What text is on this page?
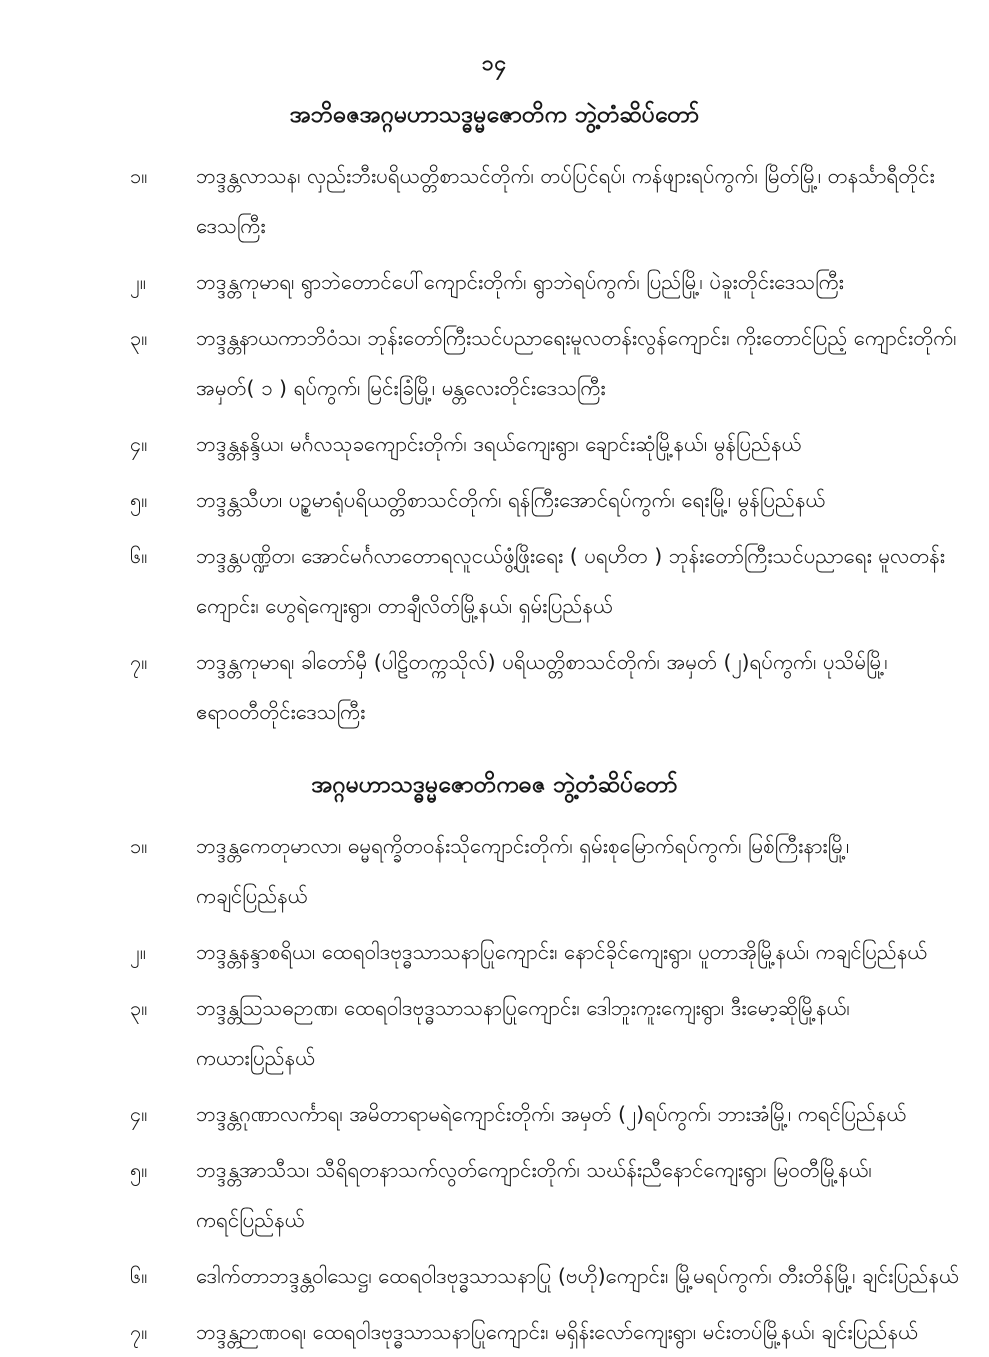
၁၄
အဘိဓဇအဂ္ဂမဟာသဒ္ဓမ္မဇောတိက ဘွဲ့တံဆိပ်တော်
၁။	ဘဒ္ဒန္တလာသန၊ လှည်းဘီးပရိယတ္တိစာသင်တိုက်၊ တပ်ပြင်ရပ်၊ ကန်ဖျားရပ်ကွက်၊ မြိတ်မြို့၊ တနင်္သာရီတိုင်းဒေသကြီး
၂။	ဘဒ္ဒန္တကုမာရ၊ ရွာဘဲတောင်ပေါ်ကျောင်းတိုက်၊ ရွာဘဲရပ်ကွက်၊ ပြည်မြို့၊ ပဲခူးတိုင်းဒေသကြီး
၃။	ဘဒ္ဒန္တနာယကာဘိဝံသ၊ ဘုန်းတော်ကြီးသင်ပညာရေးမူလတန်းလွန်ကျောင်း၊ ကိုးတောင်ပြည့် ကျောင်းတိုက်၊ အမှတ်( ၁ ) ရပ်ကွက်၊ မြင်းခြံမြို့၊ မန္တလေးတိုင်းဒေသကြီး
၄။	ဘဒ္ဒန္တနန္ဒိယ၊ မင်္ဂလသုခကျောင်းတိုက်၊ ဒရယ်ကျေးရွာ၊ ချောင်းဆုံမြို့နယ်၊ မွန်ပြည်နယ်
၅။	ဘဒ္ဒန္တသီဟ၊ ပဉ္စမာရုံပရိယတ္တိစာသင်တိုက်၊ ရန်ကြီးအောင်ရပ်ကွက်၊ ရေးမြို့၊ မွန်ပြည်နယ်
၆။	ဘဒ္ဒန္တပဏ္ဍိတ၊ အောင်မင်္ဂလာတောရလူငယ်ဖွံ့ဖြိုးရေး ( ပရဟိတ ) ဘုန်းတော်ကြီးသင်ပညာရေး မူလတန်းကျောင်း၊ ဟွေရဲကျေးရွာ၊ တာချီလိတ်မြို့နယ်၊ ရှမ်းပြည်နယ်
၇။	ဘဒ္ဒန္တကုမာရ၊ ခါတော်မှီ (ပါဠိတက္ကသိုလ်) ပရိယတ္တိစာသင်တိုက်၊ အမှတ် (၂)ရပ်ကွက်၊ ပုသိမ်မြို့၊ ဧရာဝတီတိုင်းဒေသကြီး
အဂ္ဂမဟာသဒ္ဓမ္မဇောတိကဓဇ ဘွဲ့တံဆိပ်တော်
၁။	ဘဒ္ဒန္တကေတုမာလာ၊ ဓမ္မရက္ခိတဝန်းသိုကျောင်းတိုက်၊ ရှမ်းစုမြောက်ရပ်ကွက်၊ မြစ်ကြီးနားမြို့၊ ကချင်ပြည်နယ်
၂။	ဘဒ္ဒန္တနန္ဒာစရိယ၊ ထေရဝါဒဗုဒ္ဓသာသနာပြုကျောင်း၊ နောင်ခိုင်ကျေးရွာ၊ ပူတာအိုမြို့နယ်၊ ကချင်ပြည်နယ်
၃။	ဘဒ္ဒန္တဩသဓဉာဏ၊ ထေရဝါဒဗုဒ္ဓသာသနာပြုကျောင်း၊ ဒေါဘူးကူးကျေးရွာ၊ ဒီးမော့ဆိုမြို့နယ်၊ ကယားပြည်နယ်
၄။	ဘဒ္ဒန္တဂုဏာလင်္ကာရ၊ အမိတာရာမရဲကျောင်းတိုက်၊ အမှတ် (၂)ရပ်ကွက်၊ ဘားအံမြို့၊ ကရင်ပြည်နယ်
၅။	ဘဒ္ဒန္တအာသီသ၊ သီရိရတနာသက်လွတ်ကျောင်းတိုက်၊ သဃ်န်းညီနောင်ကျေးရွာ၊ မြဝတီမြို့နယ်၊ ကရင်ပြည်နယ်
၆။	ဒေါက်တာဘဒ္ဒန္တဝါသေဋ္ဌ၊ ထေရဝါဒဗုဒ္ဓသာသနာပြု (ဗဟို)ကျောင်း၊ မြို့မရပ်ကွက်၊ တီးတိန်မြို့၊ ချင်းပြည်နယ်
၇။	ဘဒ္ဒန္တဉာဏဝရ၊ ထေရဝါဒဗုဒ္ဓသာသနာပြုကျောင်း၊ မရှိန်းလော်ကျေးရွာ၊ မင်းတပ်မြို့နယ်၊ ချင်းပြည်နယ်
